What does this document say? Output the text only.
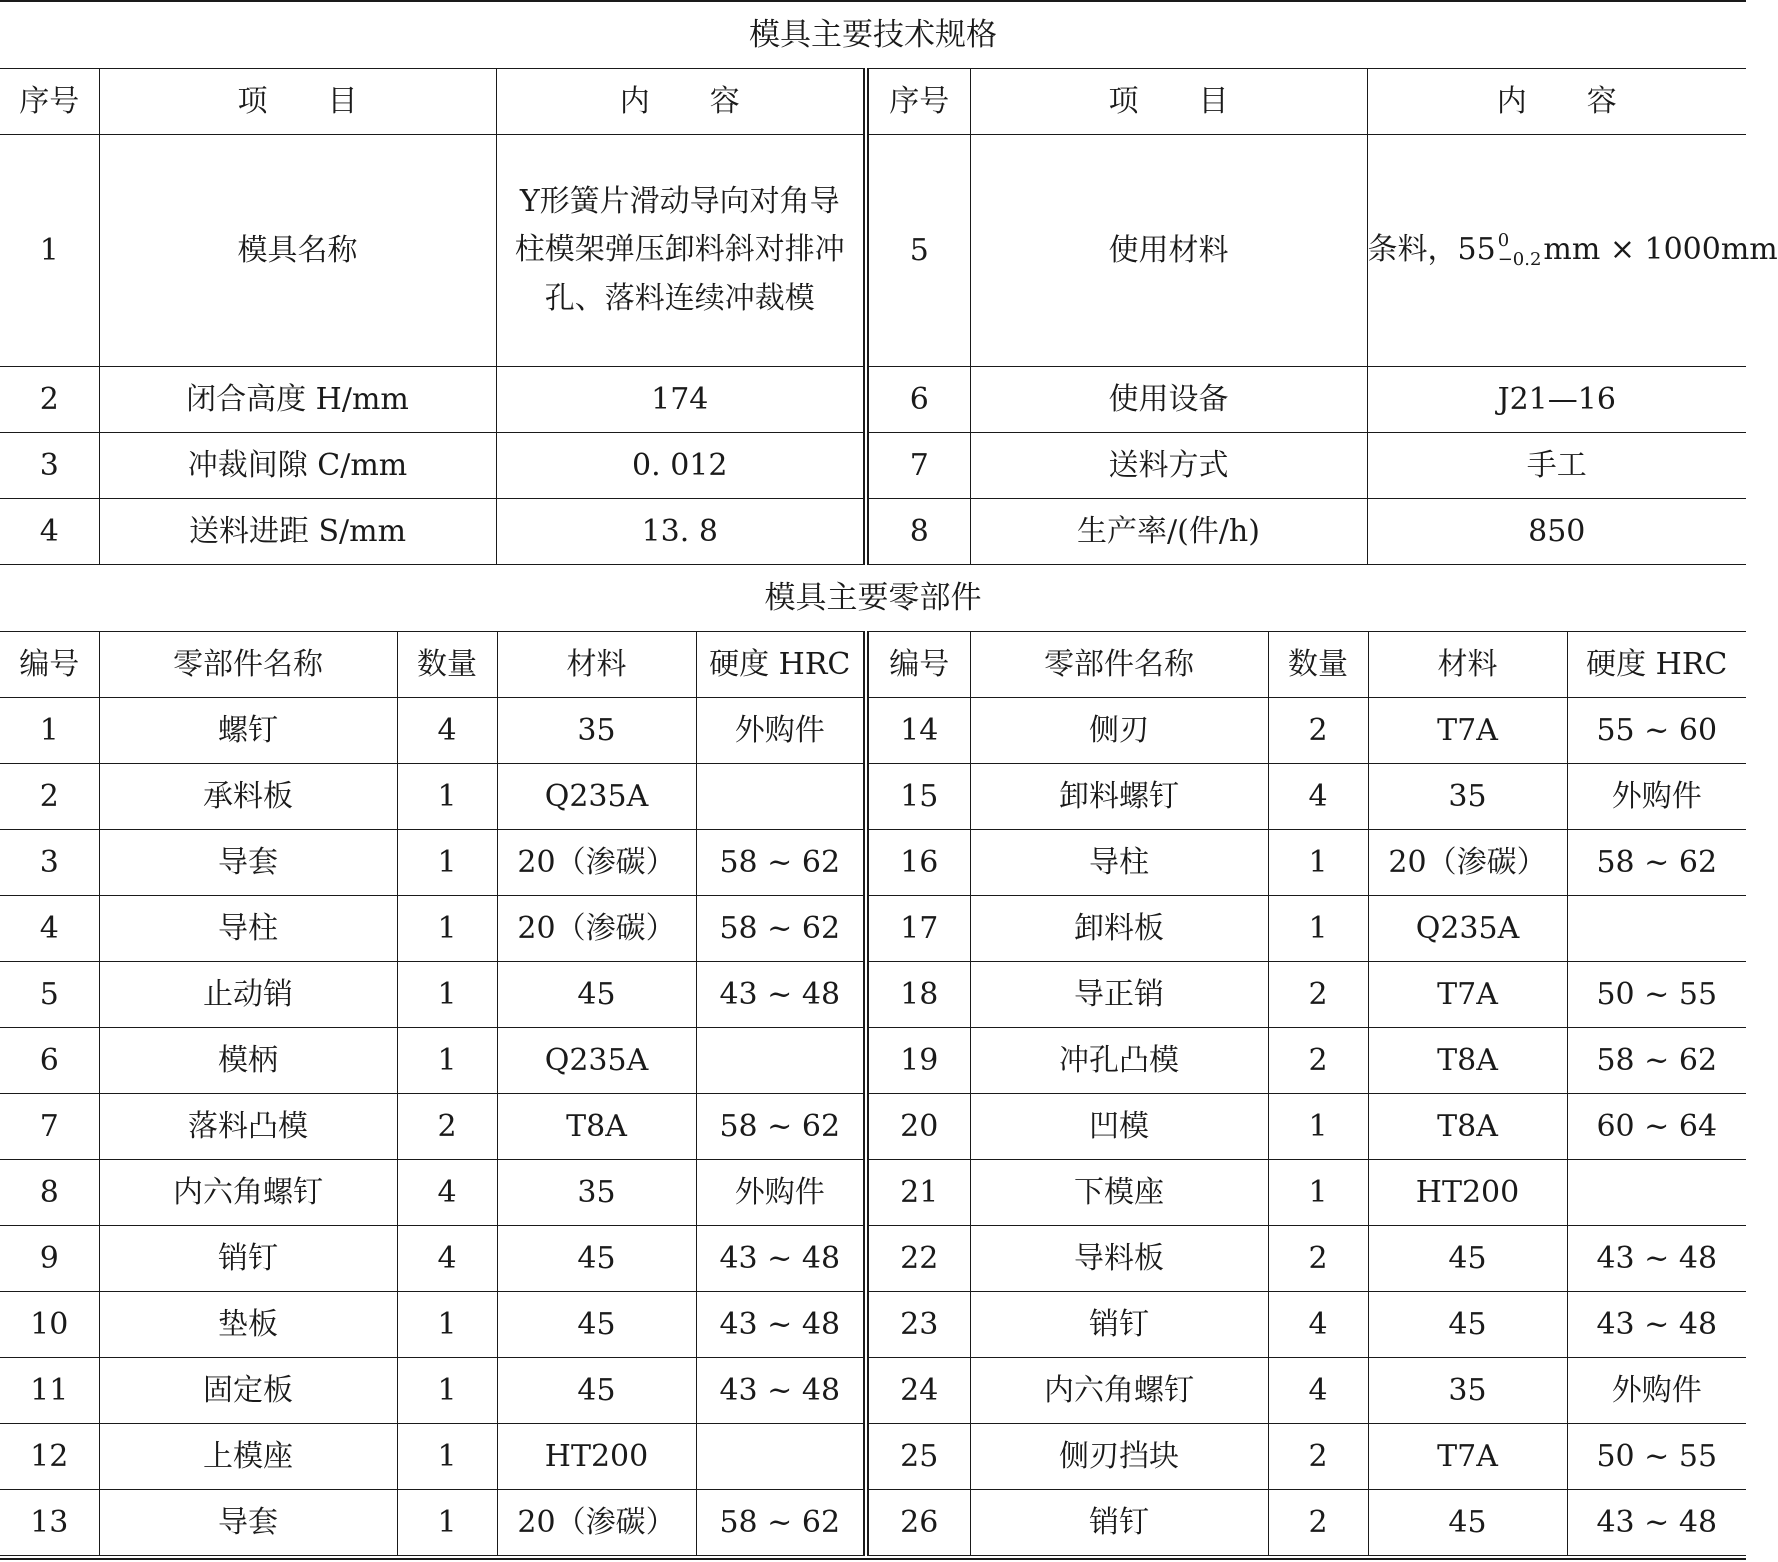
模具主要技术规格
序号	项　　目	内　　容	序号	项　　目	内　　容
1	模具名称	Y形簧片滑动导向对角导柱模架弹压卸料斜对排冲孔、落料连续冲裁模	5	使用材料	条料，55 0
−0.2 mm × 1000mm
2	闭合高度 H/mm	174	6	使用设备	J21—16
3	冲裁间隙 C/mm	0. 012	7	送料方式	手工
4	送料进距 S/mm	13. 8	8	生产率/(件/h)	850
模具主要零部件
编号	零部件名称	数量	材料	硬度 HRC	编号	零部件名称	数量	材料	硬度 HRC
1	螺钉	4	35	外购件	14	侧刃	2	T7A	55 ~ 60
2	承料板	1	Q235A		15	卸料螺钉	4	35	外购件
3	导套	1	20（渗碳）	58 ~ 62	16	导柱	1	20（渗碳）	58 ~ 62
4	导柱	1	20（渗碳）	58 ~ 62	17	卸料板	1	Q235A	
5	止动销	1	45	43 ~ 48	18	导正销	2	T7A	50 ~ 55
6	模柄	1	Q235A		19	冲孔凸模	2	T8A	58 ~ 62
7	落料凸模	2	T8A	58 ~ 62	20	凹模	1	T8A	60 ~ 64
8	内六角螺钉	4	35	外购件	21	下模座	1	HT200	
9	销钉	4	45	43 ~ 48	22	导料板	2	45	43 ~ 48
10	垫板	1	45	43 ~ 48	23	销钉	4	45	43 ~ 48
11	固定板	1	45	43 ~ 48	24	内六角螺钉	4	35	外购件
12	上模座	1	HT200		25	侧刃挡块	2	T7A	50 ~ 55
13	导套	1	20（渗碳）	58 ~ 62	26	销钉	2	45	43 ~ 48
